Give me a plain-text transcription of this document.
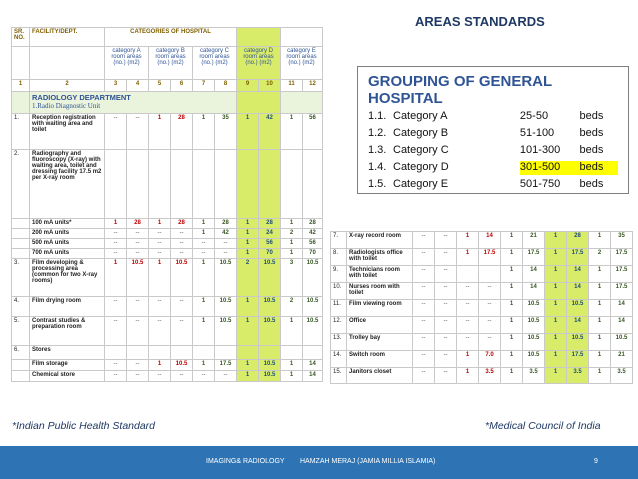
AREAS STANDARDS
SR. NO.	FACILITY/DEPT.	CATEGORIES OF HOSPITAL									
		category A
room areas
(no.) (m2)		category B
room areas
(no.) (m2)		category C
room areas
(no.) (m2)		category D
room areas
(no.) (m2)		category E
room areas
(no.) (m2)	
1	2	3	4	5	6	7	8	9	10	11	12

	RADIOLOGY DEPARTMENT
1.Radio Diagnostic Unit										

1.	Reception registration with waiting area and toilet	--	--	1	28	1	35	1	42	1	56
2.	Radiography and fluoroscopy (X-ray) with waiting area, toilet and dressing facility 17.5 m2 per X-ray room										
	100 mA units*	1	28	1	28	1	28	1	28	1	28
	200 mA units	--	--	--	--	1	42	1	24	2	42
	500 mA units	--	--	--	--	--	--	1	56	1	56
	700 mA units	--	--	--	--	--	--	1	70	1	70
3.	Film developing & processing area (common for two X-ray rooms)	1	10.5	1	10.5	1	10.5	2	10.5	3	10.5
4.	Film drying room	--	--	--	--	1	10.5	1	10.5	2	10.5
5.	Contrast studies & preparation room	--	--	--	--	1	10.5	1	10.5	1	10.5
6.	Stores										
	Film storage	--	--	1	10.5	1	17.5	1	10.5	1	14
	Chemical store	--	--	--	--	--	--	1	10.5	1	14
GROUPING OF GENERAL HOSPITAL
1.1. Category A	25-50	beds
1.2. Category B	51-100	beds
1.3. Category C	101-300	beds
1.4. Category D	301-500	beds
1.5. Category E	501-750	beds
7.	X-ray record room	--	--	1	14	1	21	1	28	1	35
8.	Radiologists office with toilet	--	--	1	17.5	1	17.5	1	17.5	2	17.5
9.	Technicians room with toilet	--	--			1	14	1	14	1	17.5
10.	Nurses room with toilet	--	--	--	--	1	14	1	14	1	17.5
11.	Film viewing room	--	--	--	--	1	10.5	1	10.5	1	14
12.	Office	--	--	--	--	1	10.5	1	14	1	14
13.	Trolley bay	--	--	--	--	1	10.5	1	10.5	1	10.5
14.	Switch room	--	--	1	7.0	1	10.5	1	17.5	1	21
15.	Janitors closet	--	--	1	3.5	1	3.5	1	3.5	1	3.5
*Indian Public Health Standard	*Medical Council of India
IMAGING& RADIOLOGY HAMZAH MERAJ (JAMIA MILLIA ISLAMIA)	9
